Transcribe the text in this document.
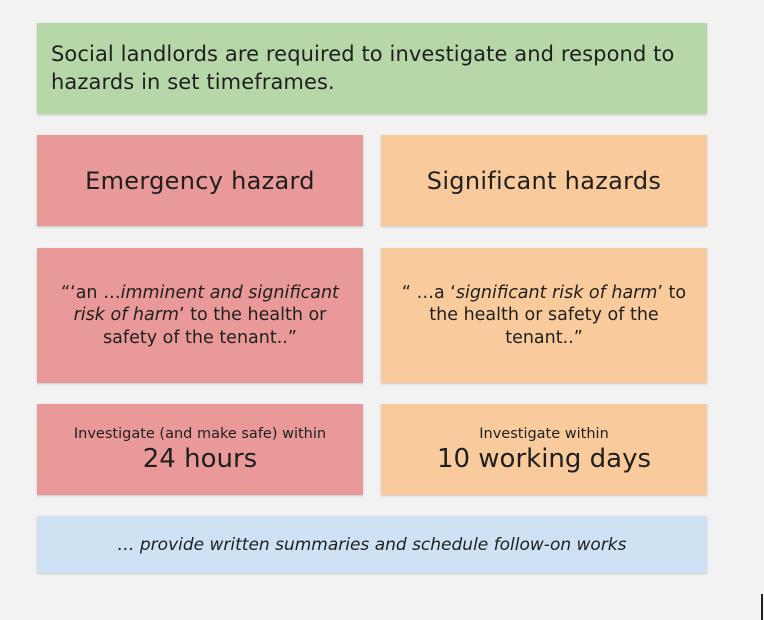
Social landlords are required to investigate and respond to hazards in set timeframes.
Emergency hazard	Significant hazards
“‘an …imminent and significant risk of harm’ to the health or safety of the tenant..”
“ …a ‘significant risk of harm’ to the health or safety of the tenant..”
Investigate (and make safe) within
24 hours
Investigate within
10 working days
… provide written summaries and schedule follow-on works
